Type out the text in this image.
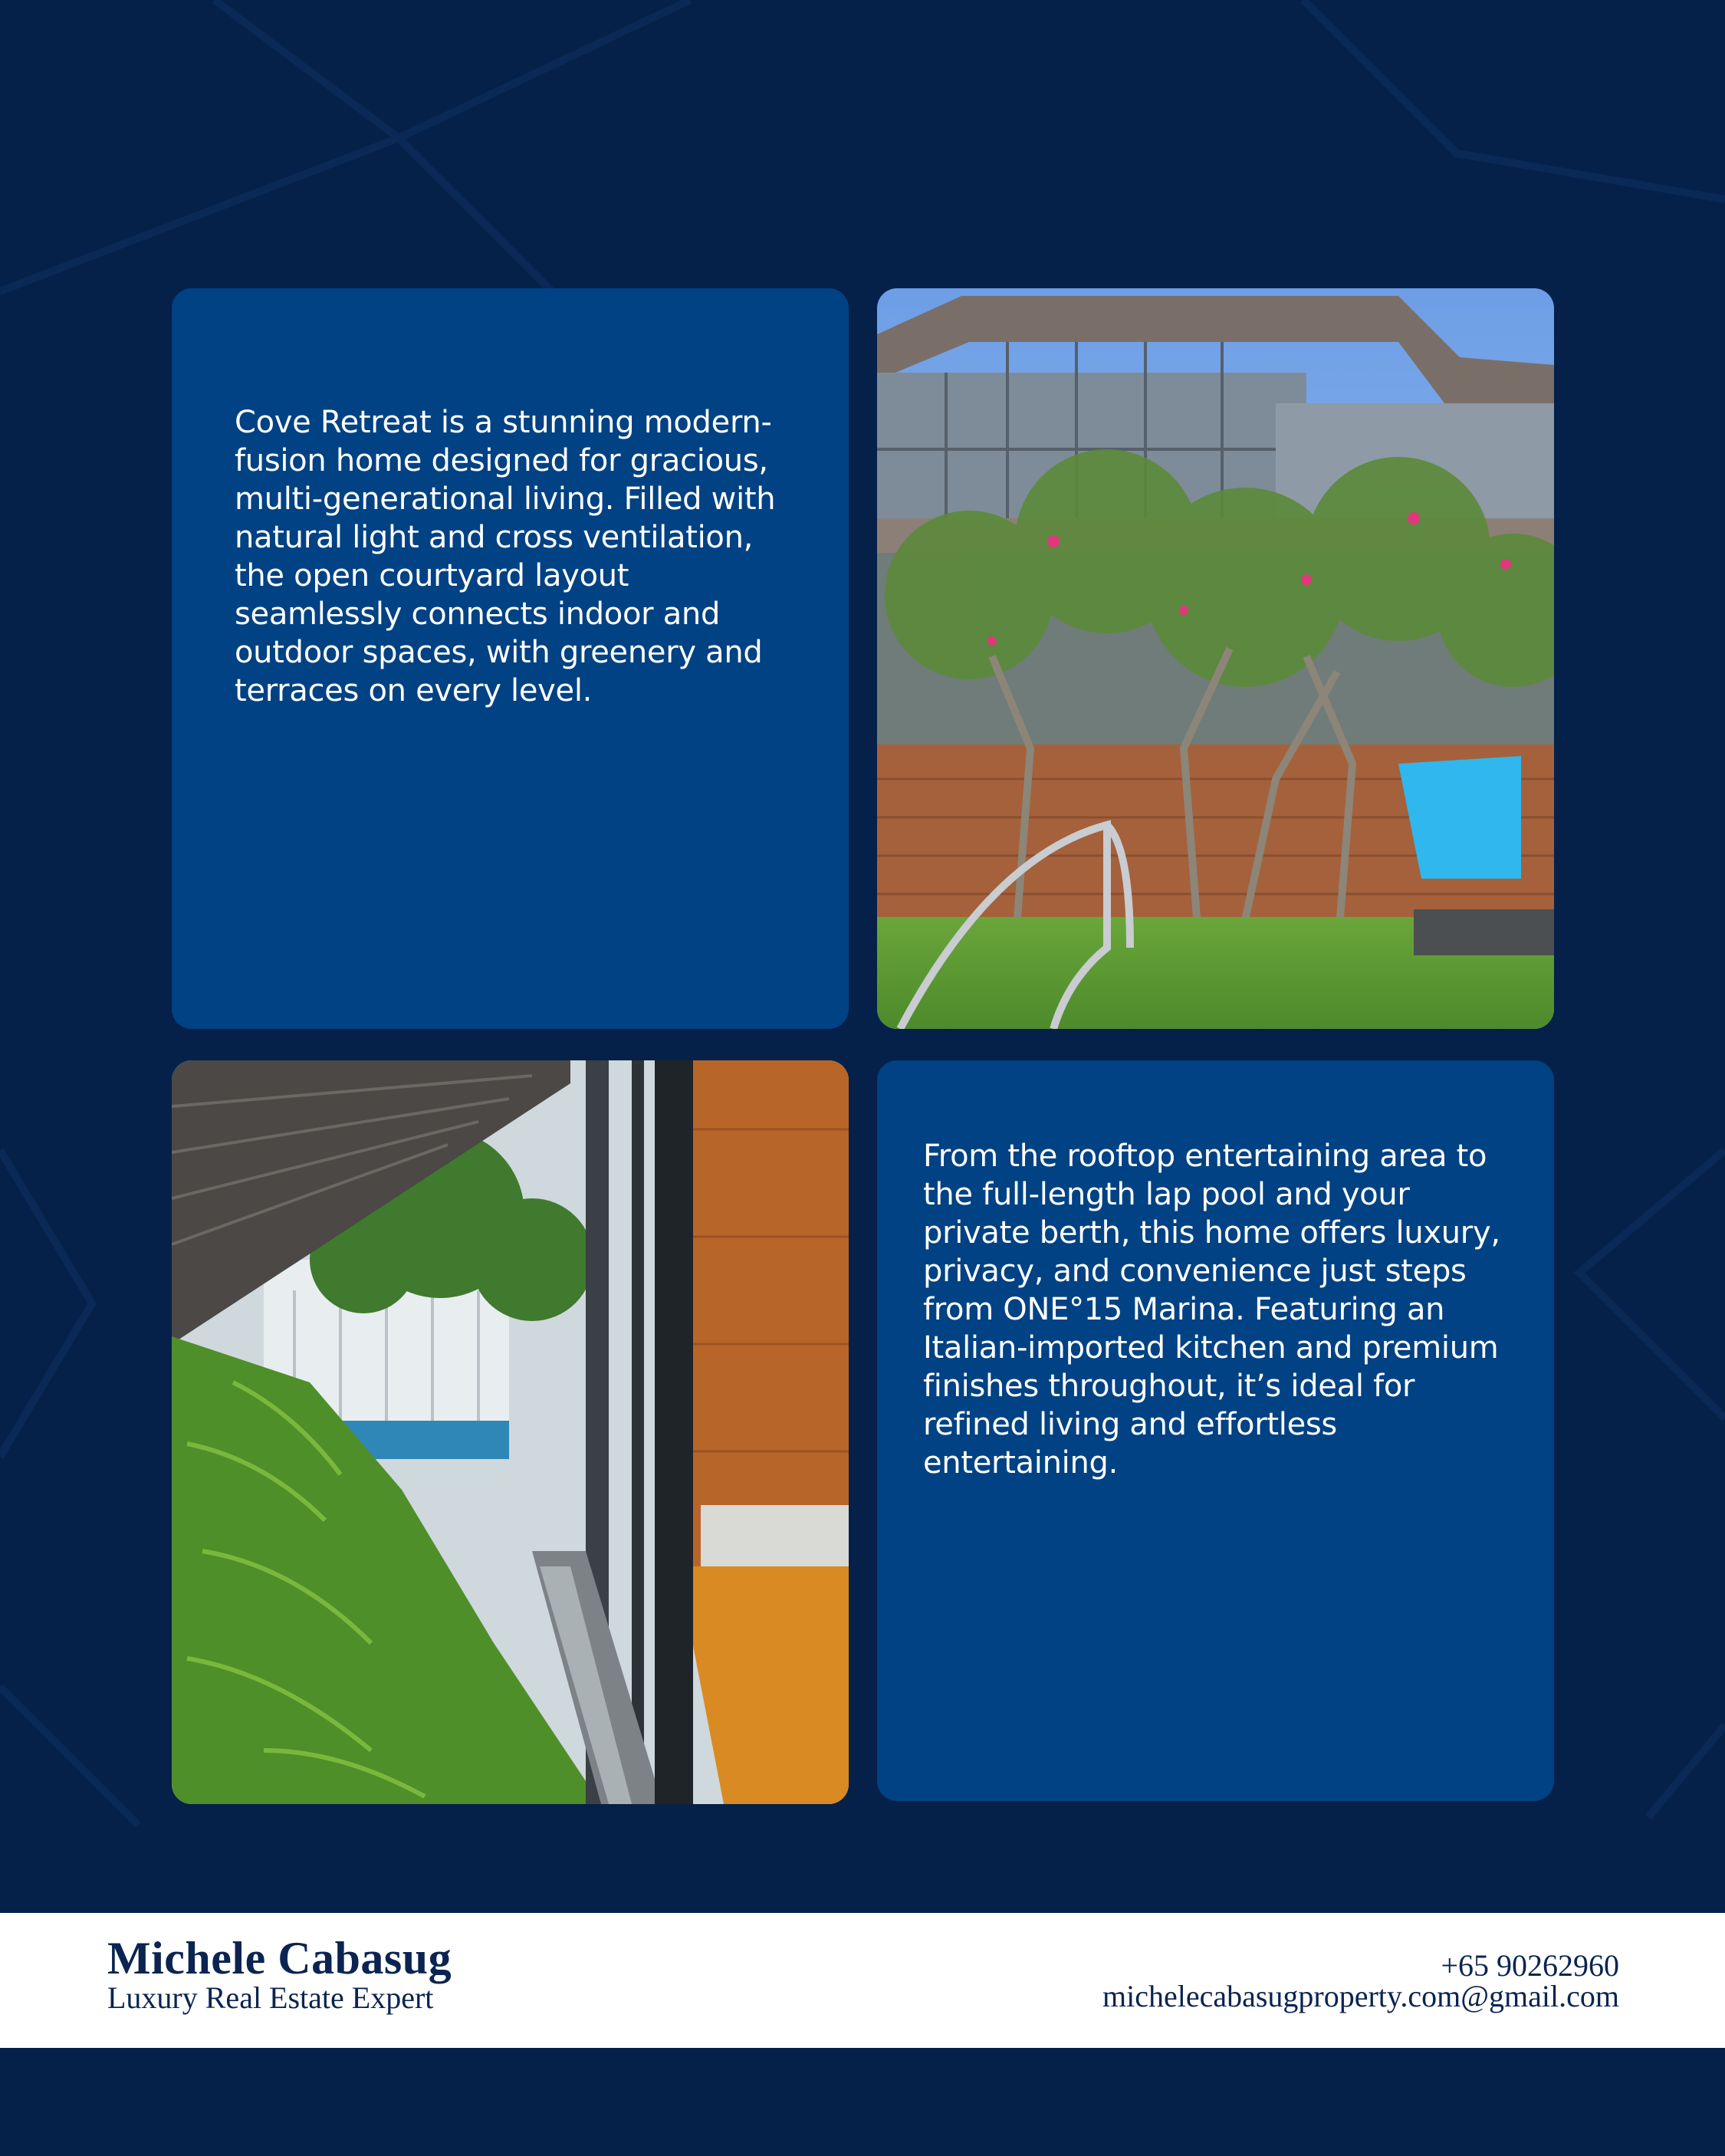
Cove Retreat is a stunning modern-fusion home designed for gracious, multi-generational living. Filled with natural light and cross ventilation, the open courtyard layout seamlessly connects indoor and outdoor spaces, with greenery and terraces on every level.

From the rooftop entertaining area to the full-length lap pool and your private berth, this home offers luxury, privacy, and convenience just steps from ONE°15 Marina. Featuring an Italian-imported kitchen and premium finishes throughout, it’s ideal for refined living and effortless entertaining.

Michele Cabasug
Luxury Real Estate Expert
+65 90262960
michelecabasugproperty.com@gmail.com
